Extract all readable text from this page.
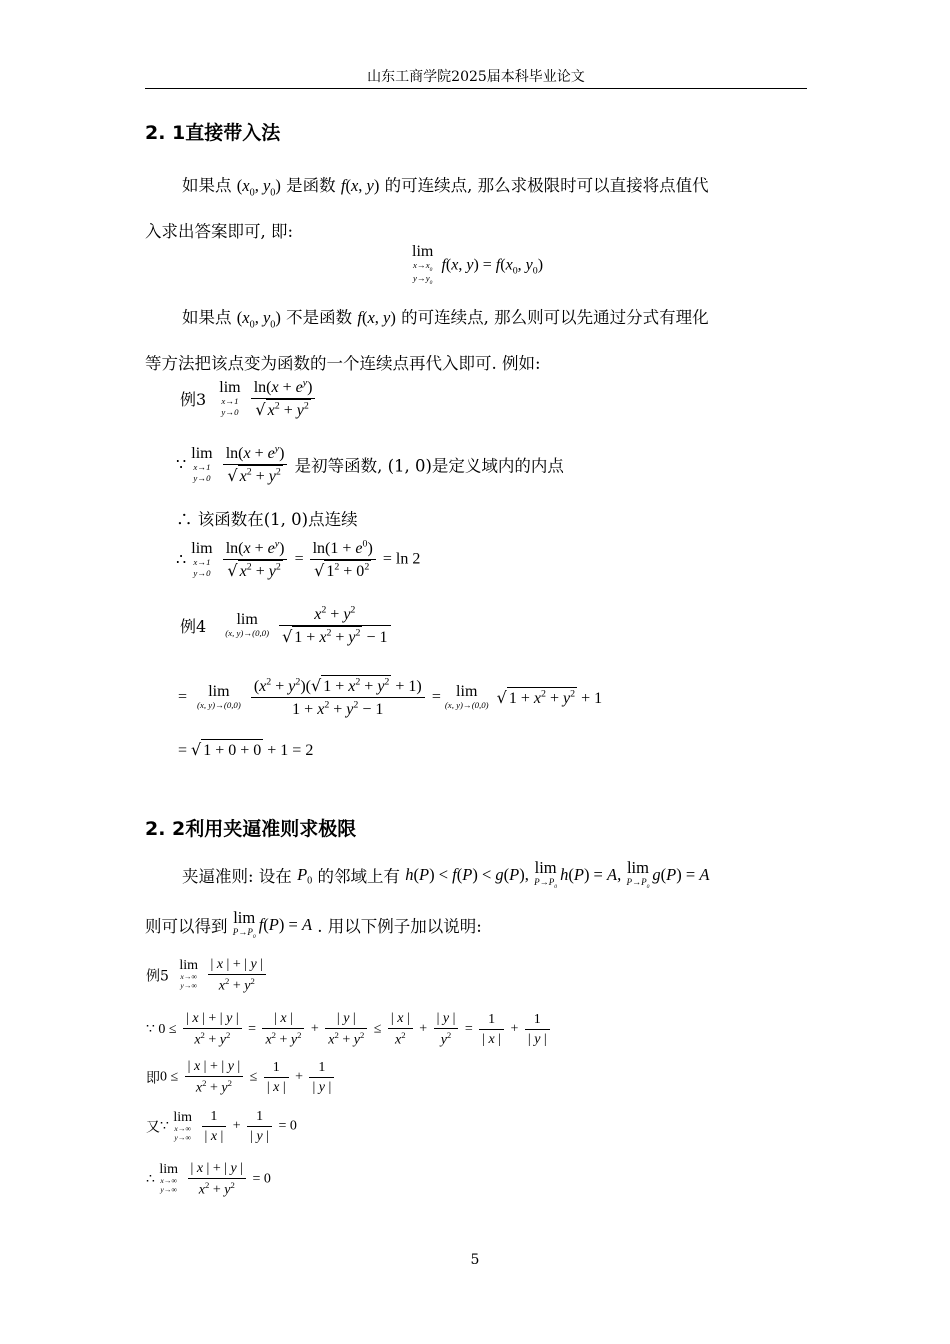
山东工商学院2025届本科毕业论文
2. 1直接带入法
如果点 ($x_0$, $y_0$) 是函数 f(x, y) 的可连续点, 那么求极限时可以直接将点值代
入求出答案即可, 即:
lim
$x\to x_0$
$y\to y_0$
f(x, $y) = f(x_0$, $y_0$)
如果点 ($x_0$, $y_0$) 不是函数 f(x, y) 的可连续点, 那么则可以先通过分式有理化
等方法把该点变为函数的一个连续点再代入即可. 例如:
例3
lim
x→1
y→0
$\frac{\ln(x + e^y)}{√ x^2 + y^2}$
∵
lim
x→1
y→0
$\frac{\ln(x + e^y)}{√ x^2 + y^2}$ 是初等函数, (1, 0)是定义域内的内点
∴ 该函数在(1, 0)点连续
∴
lim
x→1
y→0
$\frac{\ln(x + e^y)}{√ x^2 + y^2} = \frac{\ln(1 + e^0)}{√ 1^2 + 0^2} = \ln 2$
例4	lim
(x, y)→(0,0)
$\frac{x^2 + y^2}{√ 1 + x^2 + y^2 - 1}$
=	lim
(x, y)→(0,0)
$\frac{(x^2 + y^2)(√ 1 + x^2 + y^2 + 1)}{1 + x^2 + y^2 - 1} = \lim$
(x, y)→(0,0) √ $1 + x^2 + y^2 + 1$
= √ 1 + 0 + 0 + 1 = 2
2. 2利用夹逼准则求极限
夹逼准则: 设在 $P_0$ 的邻域上有 h(P) < f(P) < g(P), lim
$P\to P_0$
h(P) = A, lim
$P\to P_0$
g(P) = A
则可以得到 lim
$P\to P_0$
f(P) = A . 用以下例子加以说明:
例5
lim
x→∞
y→∞
$\frac{| x | + | y |}{x^2 + y^2}$
∵ $0 \le \frac{| x | + | y |}{x^2 + y^2} = \frac{| x |}{x^2 + y^2} + \frac{| y |}{x^2 + y^2} \le \frac{| x |}{x^2} + \frac{| y |}{y^2} = \frac{1}{| x |} + \frac{1}{| y |}$
即$0 \le \frac{| x | + | y |}{x^2 + y^2} \le \frac{1}{| x |} + \frac{1}{| y |}$
又∵
lim
x→∞
y→∞
$\frac{1}{| x |} + \frac{1}{| y |} = 0$
∴
lim
x→∞
y→∞
$\frac{| x | + | y |}{x^2 + y^2} = 0$
5
